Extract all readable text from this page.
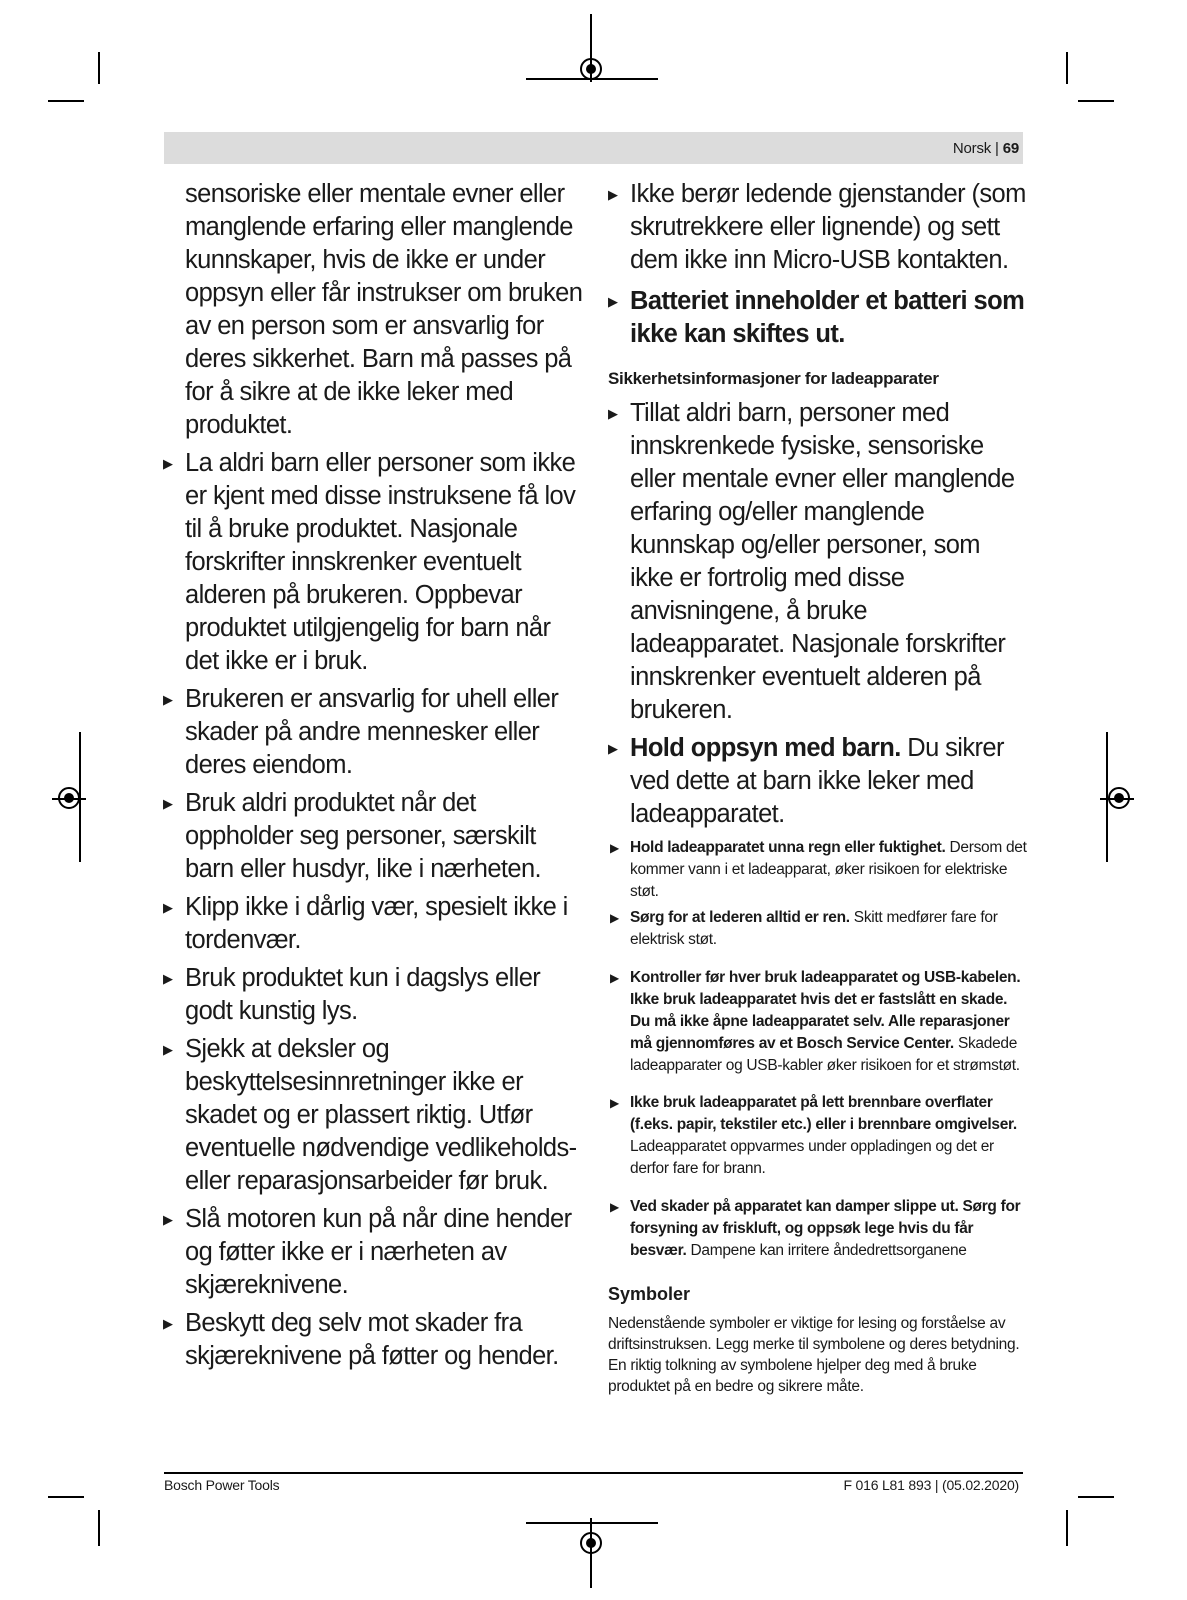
Norsk | 69

sensoriske eller mentale evner eller manglende erfaring eller manglende kunnskaper, hvis de ikke er under oppsyn eller får instrukser om bruken av en person som er ansvarlig for deres sikkerhet. Barn må passes på for å sikre at de ikke leker med produktet.

▶ La aldri barn eller personer som ikke er kjent med disse instruksene få lov til å bruke produktet. Nasjonale forskrifter innskrenker eventuelt alderen på brukeren. Oppbevar produktet utilgjengelig for barn når det ikke er i bruk.

▶ Brukeren er ansvarlig for uhell eller skader på andre mennesker eller deres eiendom.

▶ Bruk aldri produktet når det oppholder seg personer, særskilt barn eller husdyr, like i nærheten.

▶ Klipp ikke i dårlig vær, spesielt ikke i tordenvær.

▶ Bruk produktet kun i dagslys eller godt kunstig lys.

▶ Sjekk at deksler og beskyttelsesinnretninger ikke er skadet og er plassert riktig. Utfør eventuelle nødvendige vedlikeholds- eller reparasjonsarbeider før bruk.

▶ Slå motoren kun på når dine hender og føtter ikke er i nærheten av skjæreknivene.

▶ Beskytt deg selv mot skader fra skjæreknivene på føtter og hender.

▶ Ikke berør ledende gjenstander (som skrutrekkere eller lignende) og sett dem ikke inn Micro-USB kontakten.

▶ Batteriet inneholder et batteri som ikke kan skiftes ut.

Sikkerhetsinformasjoner for ladeapparater

▶ Tillat aldri barn, personer med innskrenkede fysiske, sensoriske eller mentale evner eller manglende erfaring og/eller manglende kunnskap og/eller personer, som ikke er fortrolig med disse anvisningene, å bruke ladeapparatet. Nasjonale forskrifter innskrenker eventuelt alderen på brukeren.

▶ Hold oppsyn med barn. Du sikrer ved dette at barn ikke leker med ladeapparatet.

▶ Hold ladeapparatet unna regn eller fuktighet. Dersom det kommer vann i et ladeapparat, øker risikoen for elektriske støt.

▶ Sørg for at lederen alltid er ren. Skitt medfører fare for elektrisk støt.

▶ Kontroller før hver bruk ladeapparatet og USB-kabelen. Ikke bruk ladeapparatet hvis det er fastslått en skade. Du må ikke åpne ladeapparatet selv. Alle reparasjoner må gjennomføres av et Bosch Service Center. Skadede ladeapparater og USB-kabler øker risikoen for et strømstøt.

▶ Ikke bruk ladeapparatet på lett brennbare overflater (f.eks. papir, tekstiler etc.) eller i brennbare omgivelser. Ladeapparatet oppvarmes under oppladingen og det er derfor fare for brann.

▶ Ved skader på apparatet kan damper slippe ut. Sørg for forsyning av friskluft, og oppsøk lege hvis du får besvær. Dampene kan irritere åndedrettsorganene

Symboler

Nedenstående symboler er viktige for lesing og forståelse av driftsinstruksen. Legg merke til symbolene og deres betydning. En riktig tolkning av symbolene hjelper deg med å bruke produktet på en bedre og sikrere måte.

Bosch Power Tools	F 016 L81 893 | (05.02.2020)
